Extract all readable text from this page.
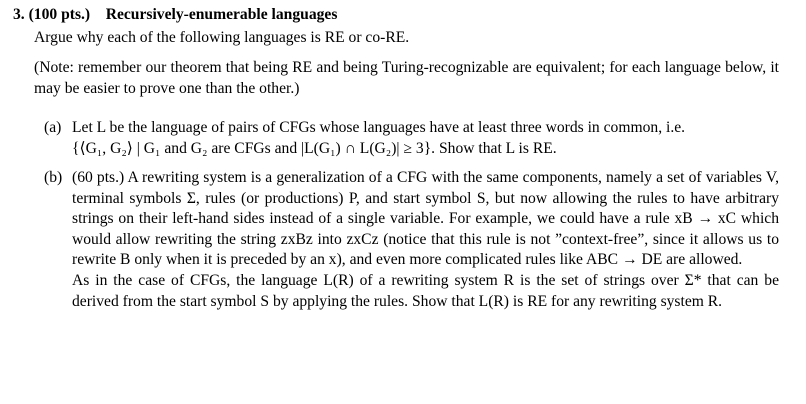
3. (100 pts.) Recursively-enumerable languages
Argue why each of the following languages is RE or co-RE.
(Note: remember our theorem that being RE and being Turing-recognizable are equivalent; for each language below, it may be easier to prove one than the other.)
(a) Let L be the language of pairs of CFGs whose languages have at least three words in common, i.e.

{⟨G₁, G₂⟩ | G₁ and G₂ are CFGs and |L(G₁) ∩ L(G₂)| ≥ 3}. Show that L is RE.

(b) (60 pts.) A rewriting system is a generalization of a CFG with the same components, namely a set of variables V, terminal symbols Σ, rules (or productions) P, and start symbol S, but now allowing the rules to have arbitrary strings on their left-hand sides instead of a single variable. For example, we could have a rule xB → xC which would allow rewriting the string zxBz into zxCz (notice that this rule is not ”context-free”, since it allows us to rewrite B only when it is preceded by an x), and even more complicated rules like ABC → DE are allowed.

As in the case of CFGs, the language L(R) of a rewriting system R is the set of strings over Σ* that can be derived from the start symbol S by applying the rules. Show that L(R) is RE for any rewriting system R.
